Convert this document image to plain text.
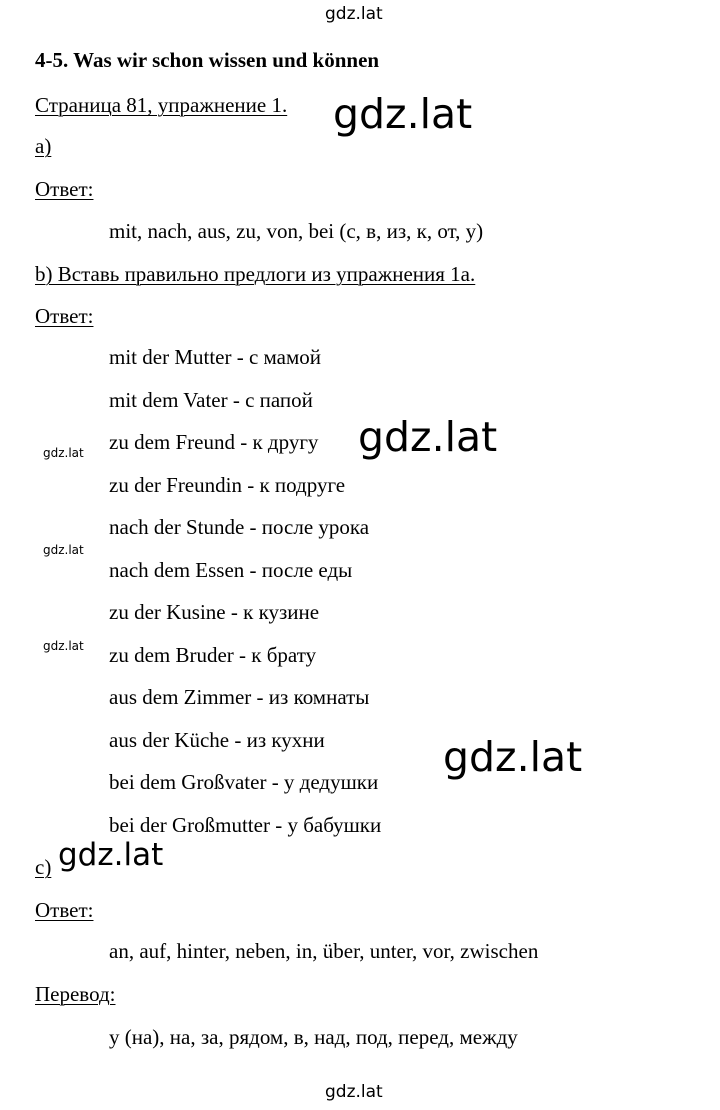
gdz.lat
4-5. Was wir schon wissen und können
Страница 81, упражнение 1. gdz.lat
a)
Ответ:
mit, nach, aus, zu, von, bei (с, в, из, к, от, у)
b) Вставь правильно предлоги из упражнения 1а.
Ответ:
mit der Mutter - с мамой
mit dem Vater - с папой
zu dem Freund - к другу
zu der Freundin - к подруге
nach der Stunde - после урока
nach dem Essen - после еды
zu der Kusine - к кузине
zu dem Bruder - к брату
aus dem Zimmer - из комнаты
aus der Küche - из кухни
bei dem Großvater - у дедушки
bei der Großmutter - у бабушки
gdz.lat
gdz.lat
gdz.lat
gdz.lat
gdz.lat
c) gdz.lat
Ответ:
an, auf, hinter, neben, in, über, unter, vor, zwischen
Перевод:
у (на), на, за, рядом, в, над, под, перед, между
gdz.lat
